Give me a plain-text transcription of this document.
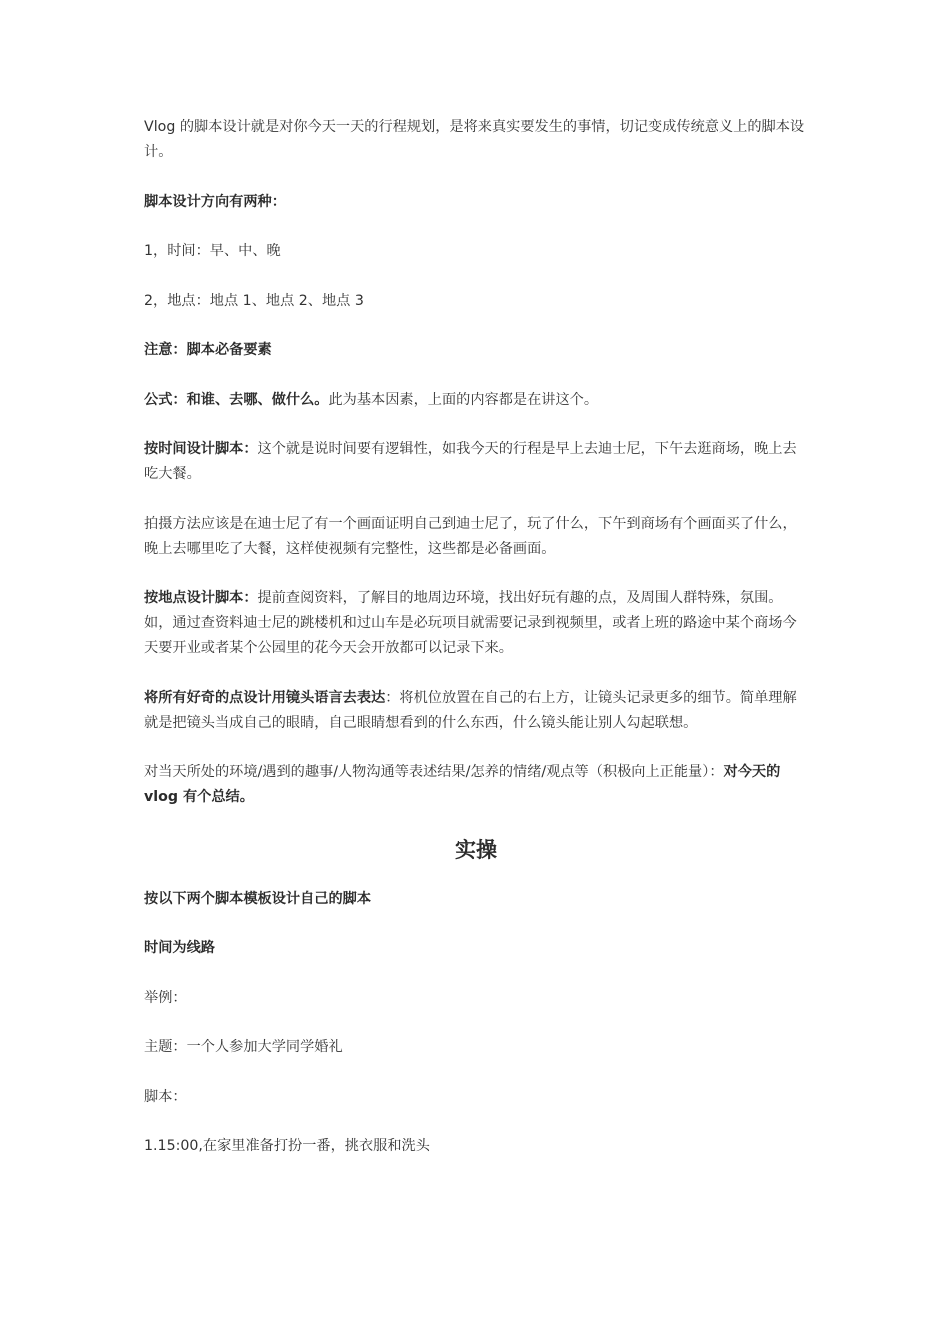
Vlog 的脚本设计就是对你今天一天的行程规划，是将来真实要发生的事情，切记变成传统意义上的脚本设计。

脚本设计方向有两种：

1，时间：早、中、晚

2，地点：地点 1、地点 2、地点 3

注意：脚本必备要素

公式：和谁、去哪、做什么。此为基本因素，上面的内容都是在讲这个。

按时间设计脚本：这个就是说时间要有逻辑性，如我今天的行程是早上去迪士尼，下午去逛商场，晚上去吃大餐。

拍摄方法应该是在迪士尼了有一个画面证明自己到迪士尼了，玩了什么，下午到商场有个画面买了什么，晚上去哪里吃了大餐，这样使视频有完整性，这些都是必备画面。

按地点设计脚本：提前查阅资料，了解目的地周边环境，找出好玩有趣的点，及周围人群特殊，氛围。如，通过查资料迪士尼的跳楼机和过山车是必玩项目就需要记录到视频里，或者上班的路途中某个商场今天要开业或者某个公园里的花今天会开放都可以记录下来。

将所有好奇的点设计用镜头语言去表达：将机位放置在自己的右上方，让镜头记录更多的细节。简单理解就是把镜头当成自己的眼睛，自己眼睛想看到的什么东西，什么镜头能让别人勾起联想。

对当天所处的环境/遇到的趣事/人物沟通等表述结果/怎养的情绪/观点等（积极向上正能量）：对今天的 vlog 有个总结。

实操

按以下两个脚本模板设计自己的脚本

时间为线路

举例：

主题：一个人参加大学同学婚礼

脚本：

1.15:00,在家里准备打扮一番，挑衣服和洗头
